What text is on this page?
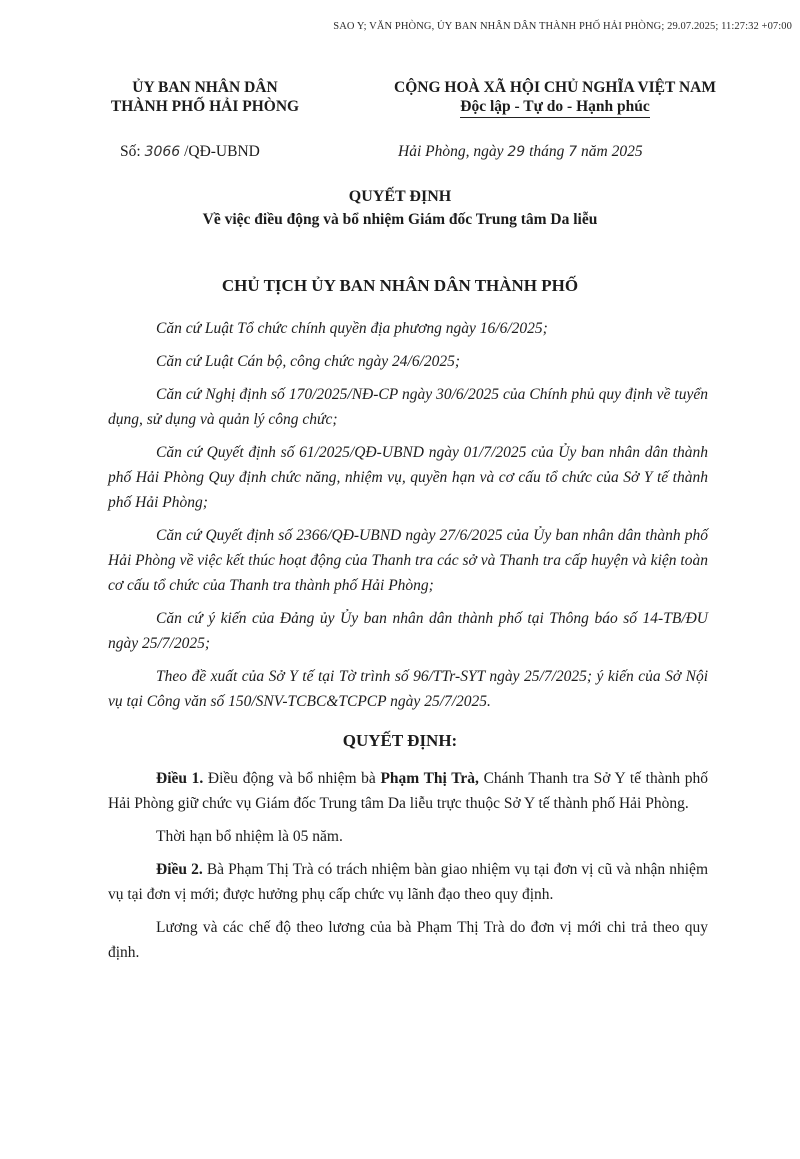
SAO Y; VĂN PHÒNG, ỦY BAN NHÂN DÂN THÀNH PHỐ HẢI PHÒNG; 29.07.2025; 11:27:32 +07:00
ỦY BAN NHÂN DÂN
THÀNH PHỐ HẢI PHÒNG
CỘNG HOÀ XÃ HỘI CHỦ NGHĨA VIỆT NAM
Độc lập - Tự do - Hạnh phúc
Số: 3066 /QĐ-UBND	Hải Phòng, ngày 29 tháng 7 năm 2025
QUYẾT ĐỊNH
Về việc điều động và bổ nhiệm Giám đốc Trung tâm Da liễu
CHỦ TỊCH ỦY BAN NHÂN DÂN THÀNH PHỐ

Căn cứ Luật Tổ chức chính quyền địa phương ngày 16/6/2025;

Căn cứ Luật Cán bộ, công chức ngày 24/6/2025;

Căn cứ Nghị định số 170/2025/NĐ-CP ngày 30/6/2025 của Chính phủ quy định về tuyển dụng, sử dụng và quản lý công chức;

Căn cứ Quyết định số 61/2025/QĐ-UBND ngày 01/7/2025 của Ủy ban nhân dân thành phố Hải Phòng Quy định chức năng, nhiệm vụ, quyền hạn và cơ cấu tổ chức của Sở Y tế thành phố Hải Phòng;

Căn cứ Quyết định số 2366/QĐ-UBND ngày 27/6/2025 của Ủy ban nhân dân thành phố Hải Phòng về việc kết thúc hoạt động của Thanh tra các sở và Thanh tra cấp huyện và kiện toàn cơ cấu tổ chức của Thanh tra thành phố Hải Phòng;

Căn cứ ý kiến của Đảng ủy Ủy ban nhân dân thành phố tại Thông báo số 14-TB/ĐU ngày 25/7/2025;

Theo đề xuất của Sở Y tế tại Tờ trình số 96/TTr-SYT ngày 25/7/2025; ý kiến của Sở Nội vụ tại Công văn số 150/SNV-TCBC&TCPCP ngày 25/7/2025.

QUYẾT ĐỊNH:

Điều 1. Điều động và bổ nhiệm bà Phạm Thị Trà, Chánh Thanh tra Sở Y tế thành phố Hải Phòng giữ chức vụ Giám đốc Trung tâm Da liễu trực thuộc Sở Y tế thành phố Hải Phòng.

Thời hạn bổ nhiệm là 05 năm.

Điều 2. Bà Phạm Thị Trà có trách nhiệm bàn giao nhiệm vụ tại đơn vị cũ và nhận nhiệm vụ tại đơn vị mới; được hưởng phụ cấp chức vụ lãnh đạo theo quy định.

Lương và các chế độ theo lương của bà Phạm Thị Trà do đơn vị mới chi trả theo quy định.
